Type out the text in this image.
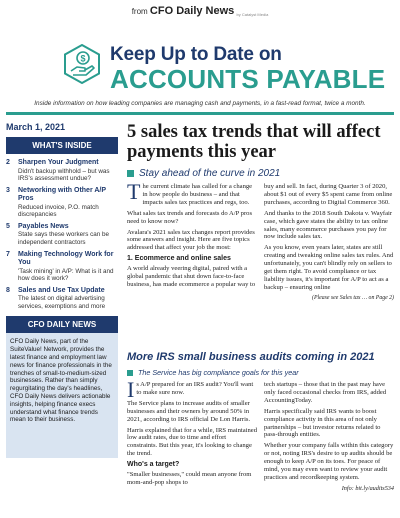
from CFO Daily News by Catalyst Media
$ Keep Up to Date on
ACCOUNTS PAYABLE
Inside information on how leading companies are managing cash and payments, in a fast-read format, twice a month.
March 1, 2021
WHAT'S INSIDE
2	Sharpen Your Judgment
Didn't backup withhold – but was IRS's assessment undue?
3	Networking with Other A/P Pros
Reduced invoice, P.O. match discrepancies
5	Payables News
State says these workers can be independent contractors
7	Making Technology Work for You
'Task mining' in A/P: What is it and how does it work?
8	Sales and Use Tax Update
The latest on digital advertising services, exemptions and more
CFO DAILY NEWS
CFO Daily News, part of the SuiteValue! Network, provides the latest finance and employment law news for finance professionals in the trenches of small-to-medium-sized businesses. Rather than simply regurgitating the day's headlines, CFO Daily News delivers actionable insights, helping finance execs understand what finance trends mean to their business.
5 sales tax trends that will affect payments this year
Stay ahead of the curve in 2021

The current climate has called for a change in how people do business – and that impacts sales tax practices and regs, too.

What sales tax trends and forecasts do A/P pros need to know now?

Avalara's 2021 sales tax changes report provides some answers and insight. Here are five topics addressed that affect your job the most:

1. Ecommerce and online sales

A world already veering digital, paired with a global pandemic that shut down face-to-face business, has made ecommerce a popular way to

buy and sell. In fact, during Quarter 3 of 2020, about $1 out of every $5 spent came from online purchases, according to Digital Commerce 360.

And thanks to the 2018 South Dakota v. Wayfair case, which gave states the ability to tax online sales, many ecommerce purchases you pay for now include sales tax.

As you know, even years later, states are still creating and tweaking online sales tax rules. And unfortunately, you can't blindly rely on sellers to get them right. To avoid compliance or tax liability issues, it's important for A/P to act as a backup – ensuring online

(Please see Sales tax … on Page 2)
More IRS small business audits coming in 2021
The Service has big compliance goals for this year

Is A/P prepared for an IRS audit? You'll want to make sure now.

The Service plans to increase audits of smaller businesses and their owners by around 50% in 2021, according to IRS official De Lon Harris.

Harris explained that for a while, IRS maintained low audit rates, due to time and effort constraints. But this year, it's looking to change the trend.

Who's a target?

"Smaller businesses," could mean anyone from mom-and-pop shops to

tech startups – those that in the past may have only faced occasional checks from IRS, added AccountingToday.

Harris specifically said IRS wants to boost compliance activity in this area of not only partnerships – but investor returns related to pass-through entities.

Whether your company falls within this category or not, noting IRS's desire to up audits should be enough to keep A/P on its toes. For peace of mind, you may even want to review your audit practices and recordkeeping system.

Info: bit.ly/audits534
